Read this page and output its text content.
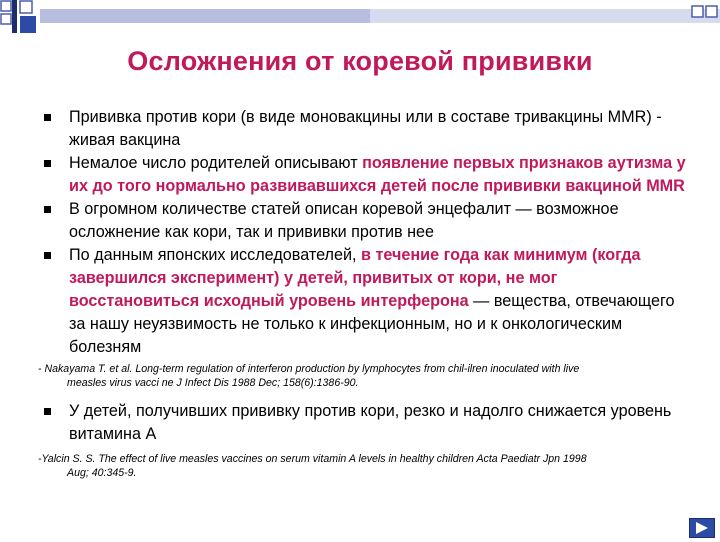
Осложнения от коревой прививки
Прививка против кори (в виде моновакцины или в составе тривакцины MMR) - живая вакцина
Немалое число родителей описывают появление первых признаков аутизма у их до того нормально развивавшихся детей после прививки вакциной MMR
В огромном количестве статей описан коревой энцефалит — возможное осложнение как кори, так и прививки против нее
По данным японских исследователей, в течение года как минимум (когда завершился эксперимент) у детей, привитых от кори, не мог восстановиться исходный уровень интерферона — вещества, отвечающего за нашу неуязвимость не только к инфекционным, но и к онкологическим болезням
- Nakayama T. et al. Long-term regulation of interferon production by lymphocytes from chil-ilren inoculated with live
measles virus vacci ne J Infect Dis 1988 Dec; 158(6):1386-90.
У детей, получивших прививку против кори, резко и надолго снижается уровень витамина А
-Yalcin S. S. The effect of live measles vaccines on serum vitamin A levels in healthy children Acta Paediatr Jpn 1998
Aug; 40:345-9.
